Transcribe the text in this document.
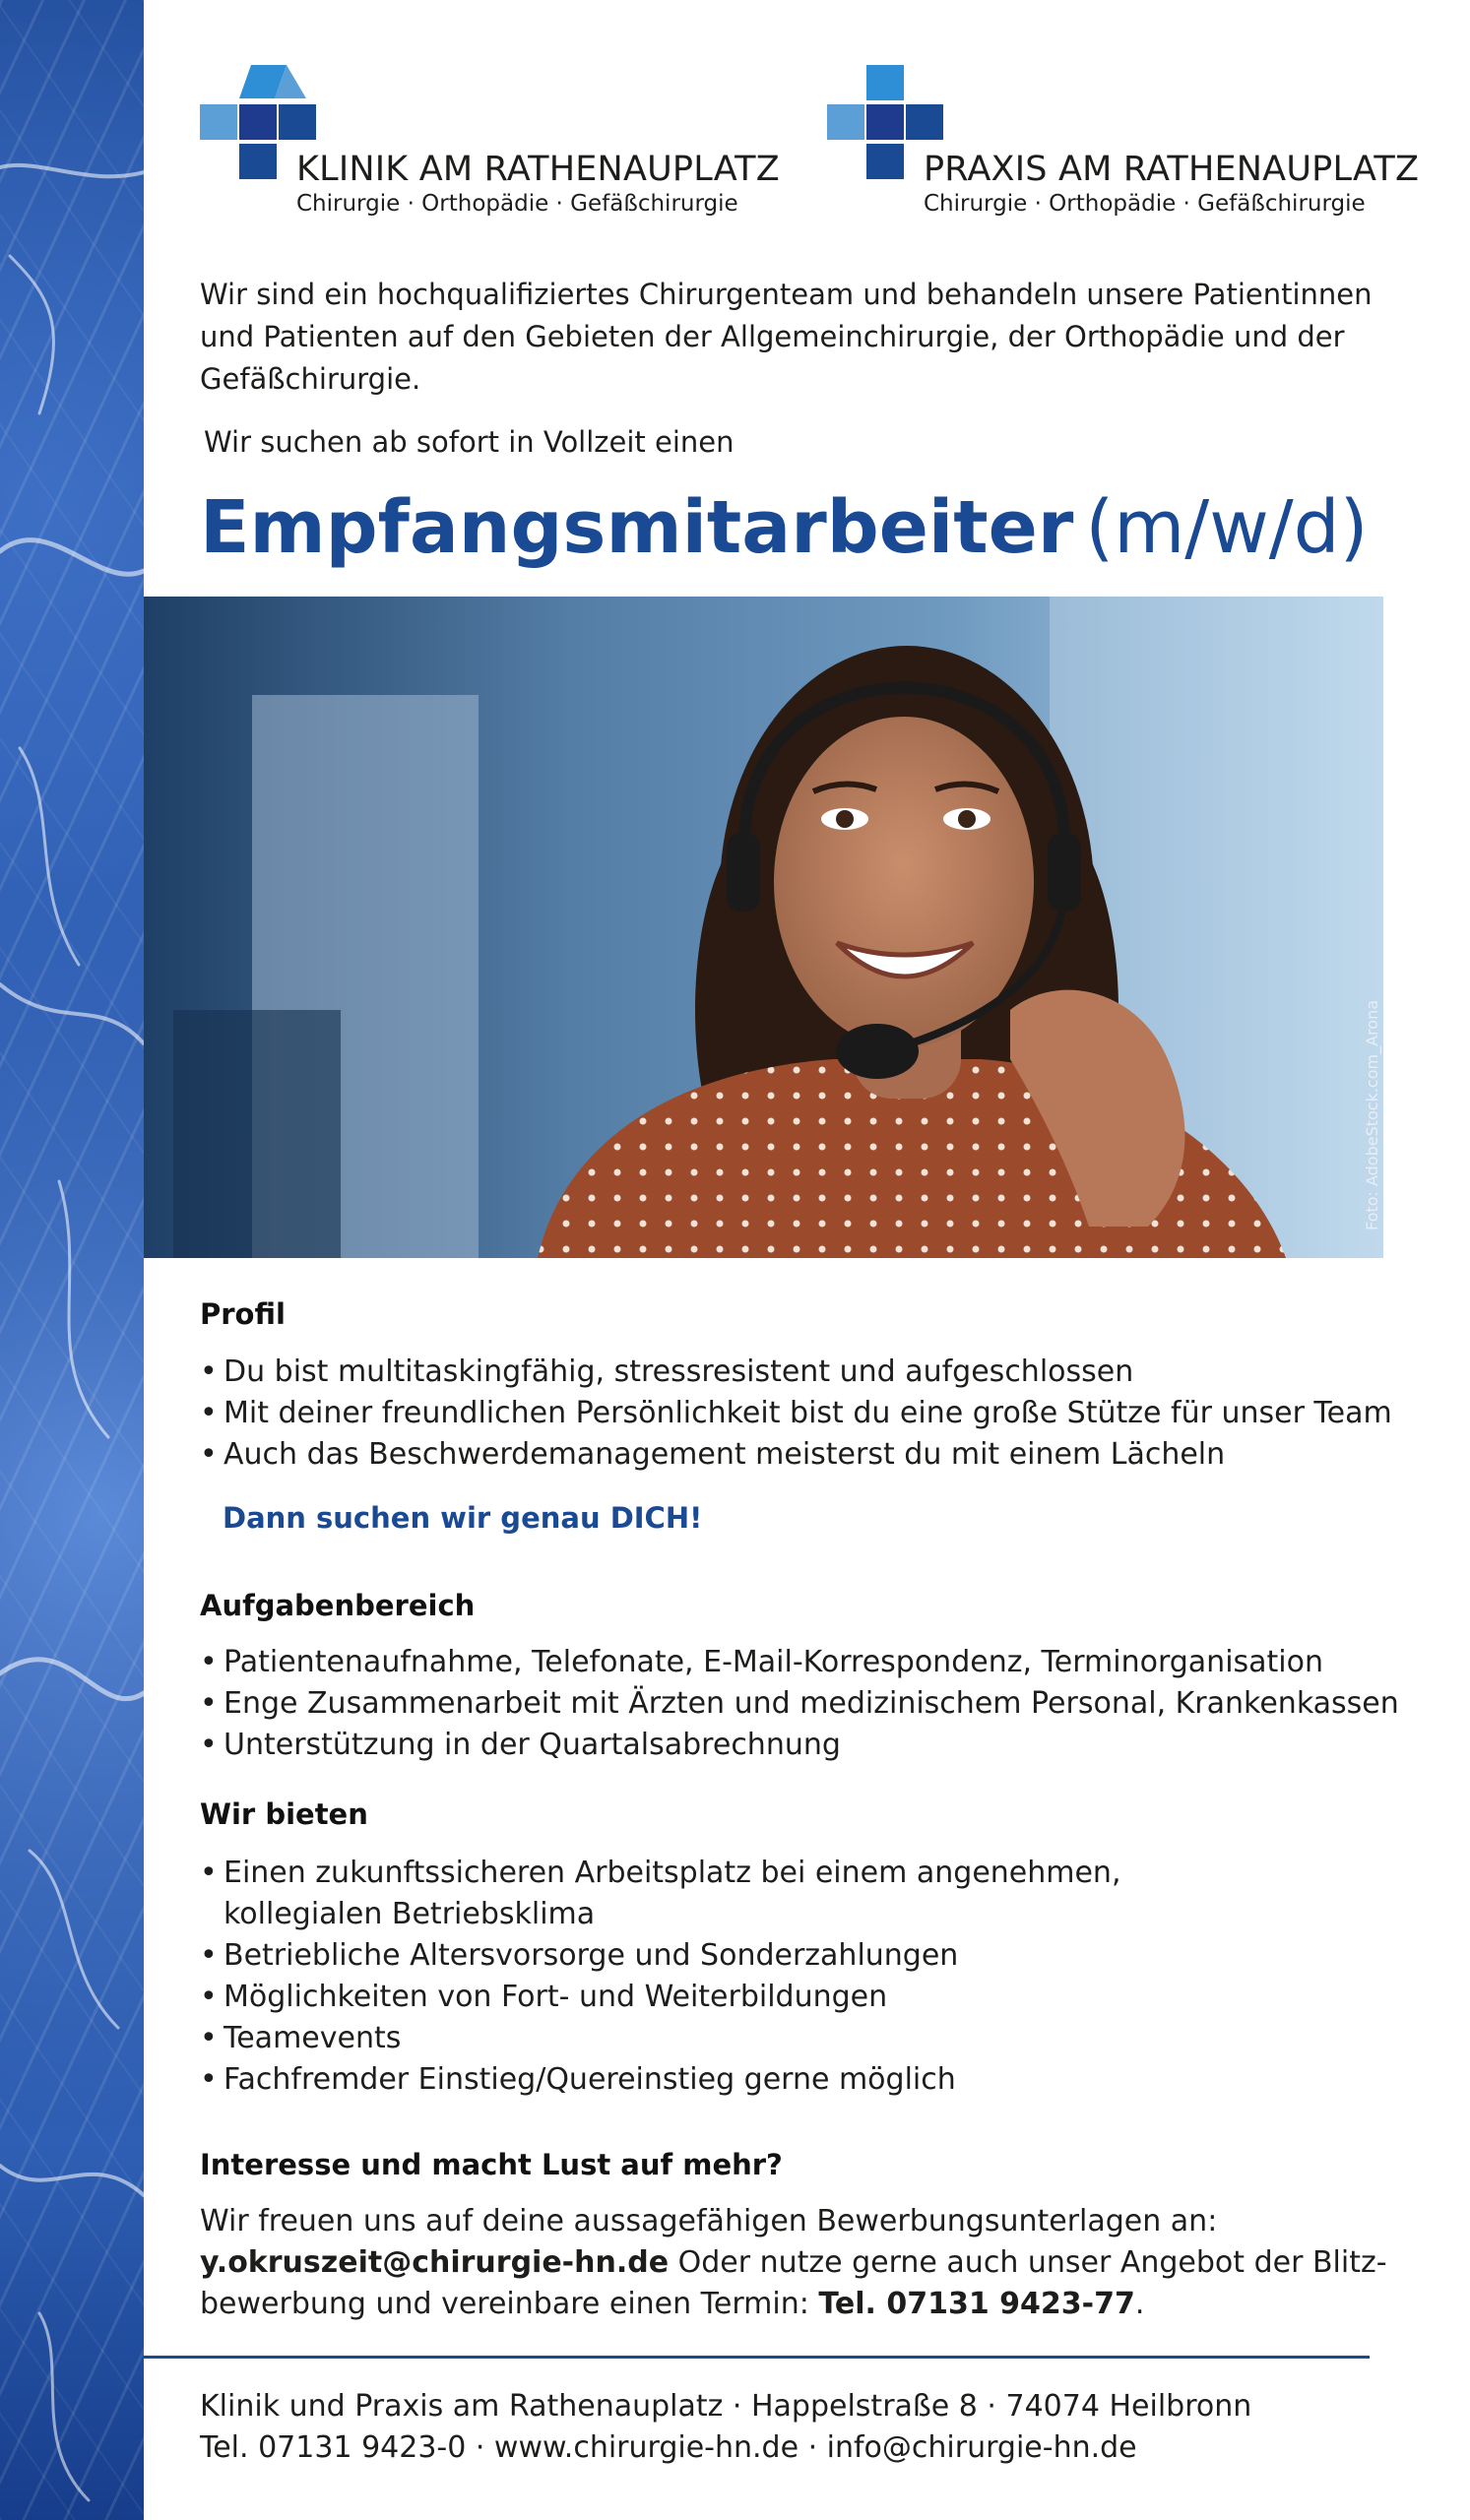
KLINIK AM RATHENAUPLATZ
Chirurgie · Orthopädie · Gefäßchirurgie
PRAXIS AM RATHENAUPLATZ
Chirurgie · Orthopädie · Gefäßchirurgie

Wir sind ein hochqualifiziertes Chirurgenteam und behandeln unsere Patientinnen
und Patienten auf den Gebieten der Allgemeinchirurgie, der Orthopädie und der
Gefäßchirurgie.

Wir suchen ab sofort in Vollzeit einen

Empfangsmitarbeiter (m/w/d)
Foto: AdobeStock.com_Arona
Profil
• Du bist multitaskingfähig, stressresistent und aufgeschlossen
• Mit deiner freundlichen Persönlichkeit bist du eine große Stütze für unser Team
• Auch das Beschwerdemanagement meisterst du mit einem Lächeln

Dann suchen wir genau DICH!

Aufgabenbereich
• Patientenaufnahme, Telefonate, E-Mail-Korrespondenz, Terminorganisation
• Enge Zusammenarbeit mit Ärzten und medizinischem Personal, Krankenkassen
• Unterstützung in der Quartalsabrechnung
Wir bieten
• Einen zukunftssicheren Arbeitsplatz bei einem angenehmen, kollegialen Betriebsklima
• Betriebliche Altersvorsorge und Sonderzahlungen
• Möglichkeiten von Fort- und Weiterbildungen
• Teamevents
• Fachfremder Einstieg/Quereinstieg gerne möglich
Interesse und macht Lust auf mehr?

Wir freuen uns auf deine aussagefähigen Bewerbungsunterlagen an:
y.okruszeit@chirurgie-hn.de Oder nutze gerne auch unser Angebot der Blitz-bewerbung und vereinbare einen Termin: Tel. 07131 9423-77.

Klinik und Praxis am Rathenauplatz · Happelstraße 8 · 74074 Heilbronn
Tel. 07131 9423-0 · www.chirurgie-hn.de · info@chirurgie-hn.de
